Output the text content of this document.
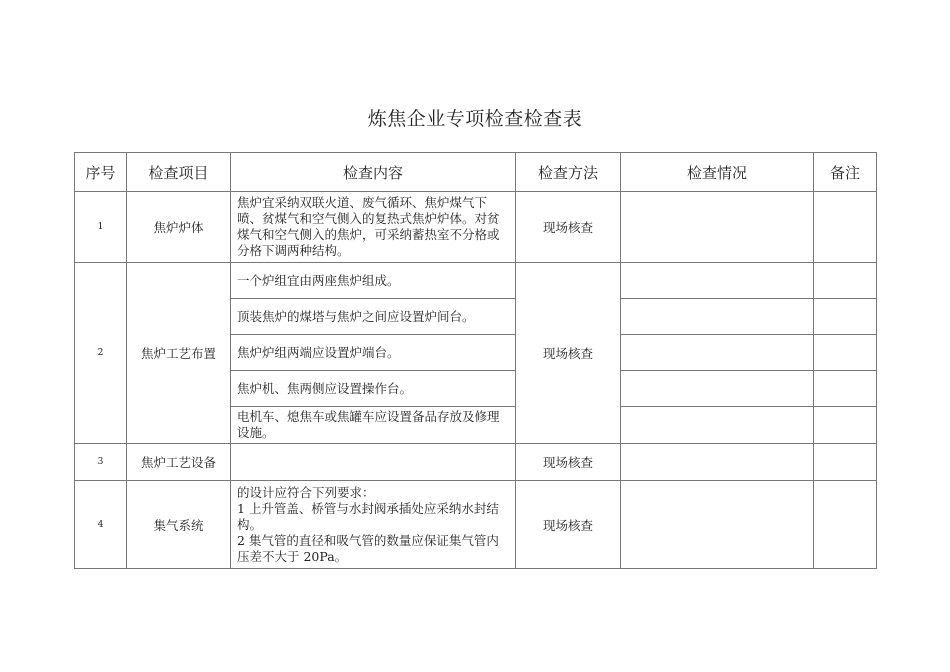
炼焦企业专项检查检查表
序号	检查项目	检查内容	检查方法	检查情况	备注
1	焦炉炉体	焦炉宜采纳双联火道、废气循环、焦炉煤气下喷、贫煤气和空气侧入的复热式焦炉炉体。对贫煤气和空气侧入的焦炉，可采纳蓄热室不分格或分格下调两种结构。	现场核查		
2	焦炉工艺布置	一个炉组宜由两座焦炉组成。	现场核查		
		顶装焦炉的煤塔与焦炉之间应设置炉间台。			
		焦炉炉组两端应设置炉端台。			
		焦炉机、焦两侧应设置操作台。			

		电机车、熄焦车或焦罐车应设置备品存放及修理设施。			

3	焦炉工艺设备		现场核查		
4	集气系统	的设计应符合下列要求：
1 上升管盖、桥管与水封阀承插处应采纳水封结构。
2 集气管的直径和吸气管的数量应保证集气管内压差不大于 20Pa。	现场核查		
